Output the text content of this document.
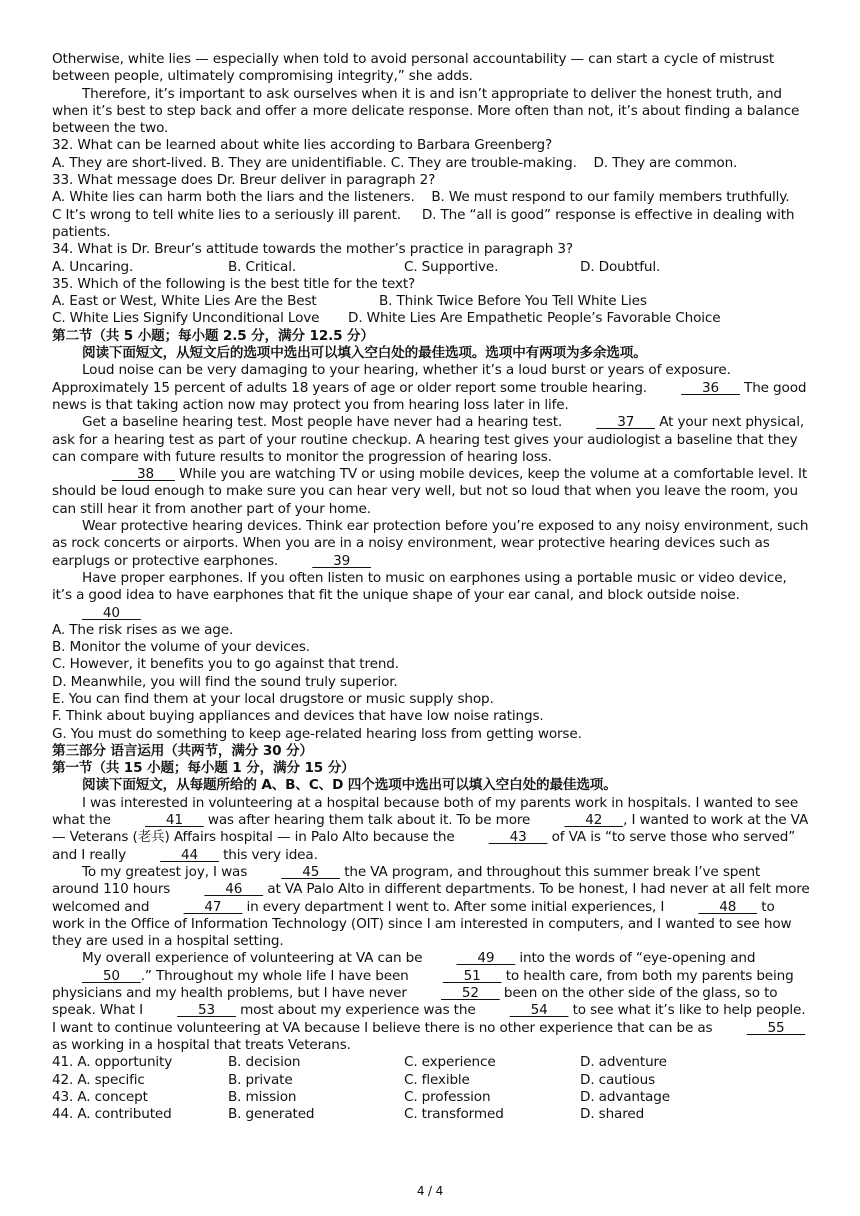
Otherwise, white lies — especially when told to avoid personal accountability — can start a cycle of mistrust between people, ultimately compromising integrity,” she adds.

Therefore, it’s important to ask ourselves when it is and isn’t appropriate to deliver the honest truth, and when it’s best to step back and offer a more delicate response. More often than not, it’s about finding a balance between the two.

32. What can be learned about white lies according to Barbara Greenberg?

A. They are short-lived. B. They are unidentifiable. C. They are trouble-making. D. They are common.

33. What message does Dr. Breur deliver in paragraph 2?

A. White lies can harm both the liars and the listeners. B. We must respond to our family members truthfully.

C It’s wrong to tell white lies to a seriously ill parent. D. The “all is good” response is effective in dealing with patients.

34. What is Dr. Breur’s attitude towards the mother’s practice in paragraph 3?

A. Uncaring.	B. Critical.	C. Supportive.	D. Doubtful.

35. Which of the following is the best title for the text?

A. East or West, White Lies Are the Best	B. Think Twice Before You Tell White Lies
C. White Lies Signify Unconditional Love	D. White Lies Are Empathetic People’s Favorable Choice

第二节（共 5 小题；每小题 2.5 分，满分 12.5 分）

阅读下面短文，从短文后的选项中选出可以填入空白处的最佳选项。选项中有两项为多余选项。

Loud noise can be very damaging to your hearing, whether it’s a loud burst or years of exposure. Approximately 15 percent of adults 18 years of age or older report some trouble hearing.	36      The good news is that taking action now may protect you from hearing loss later in life.

Get a baseline hearing test. Most people have never had a hearing test.      37      At your next physical, ask for a hearing test as part of your routine checkup. A hearing test gives your audiologist a baseline that they can compare with future results to monitor the progression of hearing loss.

38      While you are watching TV or using mobile devices, keep the volume at a comfortable level. It should be loud enough to make sure you can hear very well, but not so loud that when you leave the room, you can still hear it from another part of your home.

Wear protective hearing devices. Think ear protection before you’re exposed to any noisy environment, such as rock concerts or airports. When you are in a noisy environment, wear protective hearing devices such as earplugs or protective earphones.      39

Have proper earphones. If you often listen to music on earphones using a portable music or video device, it’s a good idea to have earphones that fit the unique shape of your ear canal, and block outside noise.      40

A. The risk rises as we age.

B. Monitor the volume of your devices.

C. However, it benefits you to go against that trend.

D. Meanwhile, you will find the sound truly superior.

E. You can find them at your local drugstore or music supply shop.

F. Think about buying appliances and devices that have low noise ratings.

G. You must do something to keep age-related hearing loss from getting worse.

第三部分 语言运用（共两节，满分 30 分）

第一节（共 15 小题；每小题 1 分，满分 15 分）

阅读下面短文，从每题所给的 A、B、C、D 四个选项中选出可以填入空白处的最佳选项。

I was interested in volunteering at a hospital because both of my parents work in hospitals. I wanted to see what the      41      was after hearing them talk about it. To be more      42     , I wanted to work at the VA — Veterans (老兵) Affairs hospital — in Palo Alto because the      43      of VA is “to serve those who served” and I really      44      this very idea.

To my greatest joy, I was      45      the VA program, and throughout this summer break I’ve spent around 110 hours      46      at VA Palo Alto in different departments. To be honest, I had never at all felt more welcomed and      47      in every department I went to. After some initial experiences, I      48      to work in the Office of Information Technology (OIT) since I am interested in computers, and I wanted to see how they are used in a hospital setting.

My overall experience of volunteering at VA can be      49      into the words of “eye-opening and      50     .” Throughout my whole life I have been      51      to health care, from both my parents being physicians and my health problems, but I have never      52      been on the other side of the glass, so to speak. What I      53      most about my experience was the      54      to see what it’s like to help people. I want to continue volunteering at VA because I believe there is no other experience that can be as      55      as working in a hospital that treats Veterans.

41. A. opportunity	B. decision	C. experience	D. adventure
42. A. specific	B. private	C. flexible	D. cautious
43. A. concept	B. mission	C. profession	D. advantage
44. A. contributed	B. generated	C. transformed	D. shared
4 / 4
